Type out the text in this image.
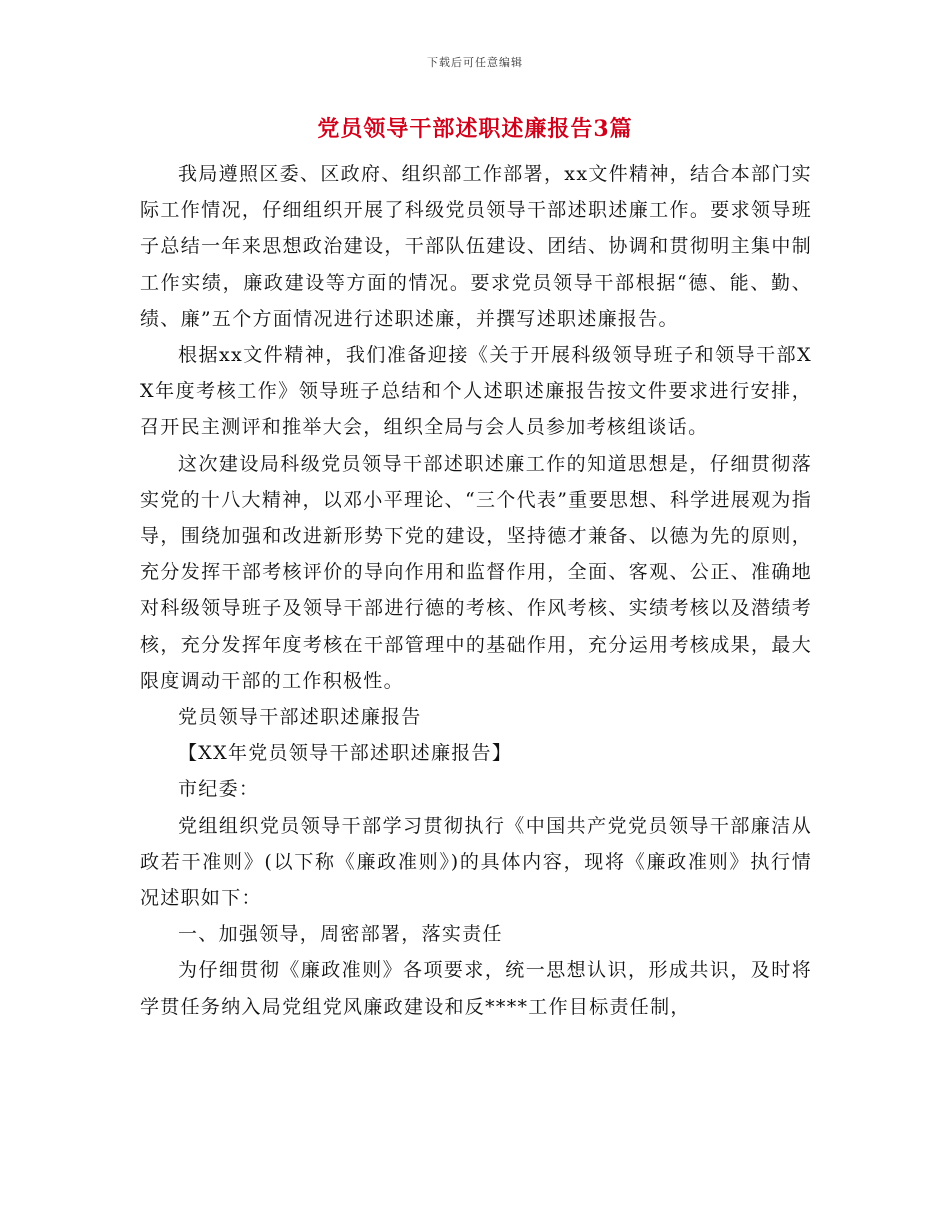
下载后可任意编辑
党员领导干部述职述廉报告3篇

我局遵照区委、区政府、组织部工作部署，xx文件精神，结合本部门实际工作情况，仔细组织开展了科级党员领导干部述职述廉工作。要求领导班子总结一年来思想政治建设，干部队伍建设、团结、协调和贯彻明主集中制工作实绩，廉政建设等方面的情况。要求党员领导干部根据“德、能、勤、绩、廉”五个方面情况进行述职述廉，并撰写述职述廉报告。

根据xx文件精神，我们准备迎接《关于开展科级领导班子和领导干部XX年度考核工作》领导班子总结和个人述职述廉报告按文件要求进行安排，召开民主测评和推举大会，组织全局与会人员参加考核组谈话。

这次建设局科级党员领导干部述职述廉工作的知道思想是，仔细贯彻落实党的十八大精神，以邓小平理论、“三个代表”重要思想、科学进展观为指导，围绕加强和改进新形势下党的建设，坚持德才兼备、以德为先的原则，充分发挥干部考核评价的导向作用和监督作用，全面、客观、公正、准确地对科级领导班子及领导干部进行德的考核、作风考核、实绩考核以及潜绩考核，充分发挥年度考核在干部管理中的基础作用，充分运用考核成果，最大限度调动干部的工作积极性。

党员领导干部述职述廉报告

【XX年党员领导干部述职述廉报告】

市纪委：

党组组织党员领导干部学习贯彻执行《中国共产党党员领导干部廉洁从政若干准则》(以下称《廉政准则》)的具体内容，现将《廉政准则》执行情况述职如下：

一、加强领导，周密部署，落实责任

为仔细贯彻《廉政准则》各项要求，统一思想认识，形成共识，及时将学贯任务纳入局党组党风廉政建设和反****工作目标责任制，
